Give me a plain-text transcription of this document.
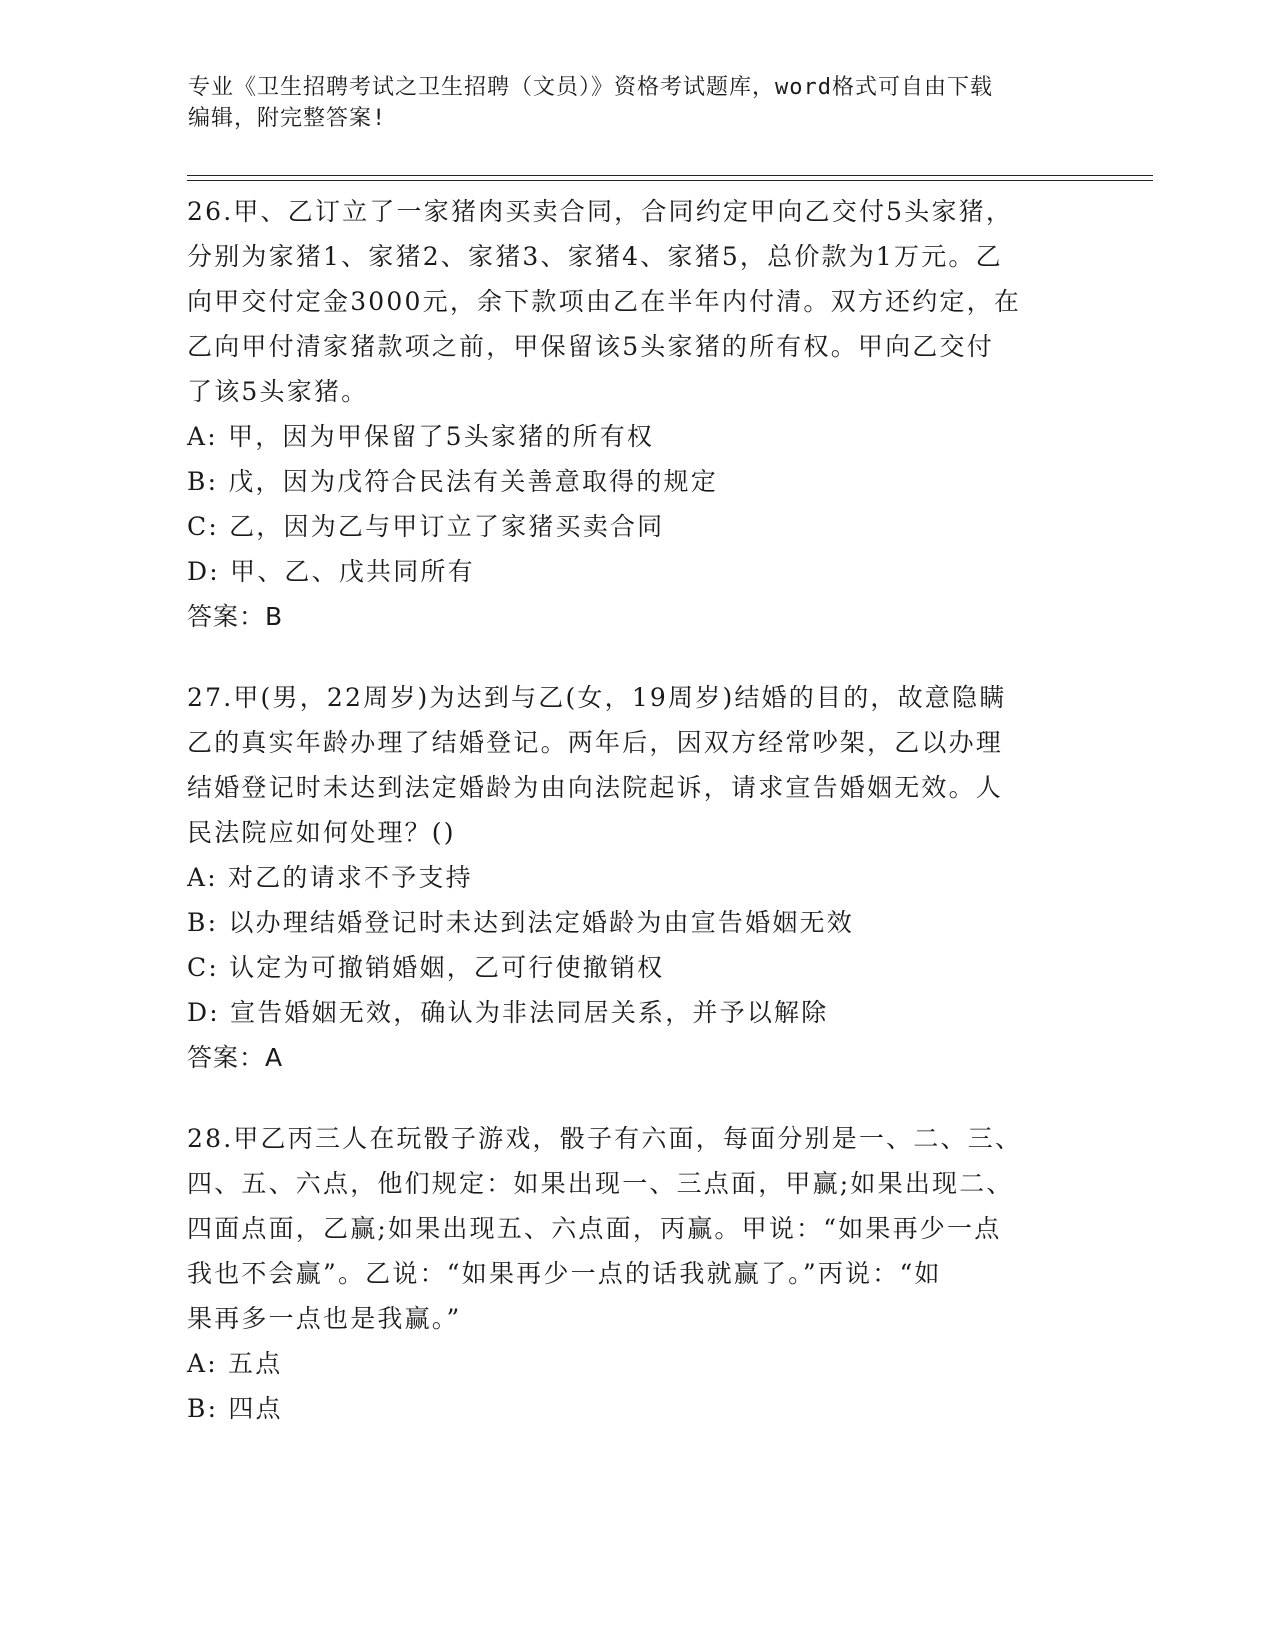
专业《卫生招聘考试之卫生招聘（文员）》资格考试题库，word格式可自由下载
编辑，附完整答案!

26.甲、乙订立了一家猪肉买卖合同，合同约定甲向乙交付5头家猪，

分别为家猪1、家猪2、家猪3、家猪4、家猪5，总价款为1万元。乙

向甲交付定金3000元，余下款项由乙在半年内付清。双方还约定，在

乙向甲付清家猪款项之前，甲保留该5头家猪的所有权。甲向乙交付

了该5头家猪。

A: 甲，因为甲保留了5头家猪的所有权

B: 戊，因为戊符合民法有关善意取得的规定

C: 乙，因为乙与甲订立了家猪买卖合同

D: 甲、乙、戊共同所有

答案：B

27.甲(男，22周岁)为达到与乙(女，19周岁)结婚的目的，故意隐瞒

乙的真实年龄办理了结婚登记。两年后，因双方经常吵架，乙以办理

结婚登记时未达到法定婚龄为由向法院起诉，请求宣告婚姻无效。人

民法院应如何处理？()

A: 对乙的请求不予支持

B: 以办理结婚登记时未达到法定婚龄为由宣告婚姻无效

C: 认定为可撤销婚姻，乙可行使撤销权

D: 宣告婚姻无效，确认为非法同居关系，并予以解除

答案：A

28.甲乙丙三人在玩骰子游戏，骰子有六面，每面分别是一、二、三、

四、五、六点，他们规定：如果出现一、三点面，甲赢;如果出现二、

四面点面，乙赢;如果出现五、六点面，丙赢。甲说：“如果再少一点

我也不会赢”。乙说：“如果再少一点的话我就赢了。”丙说：“如

果再多一点也是我赢。”

A: 五点

B: 四点
